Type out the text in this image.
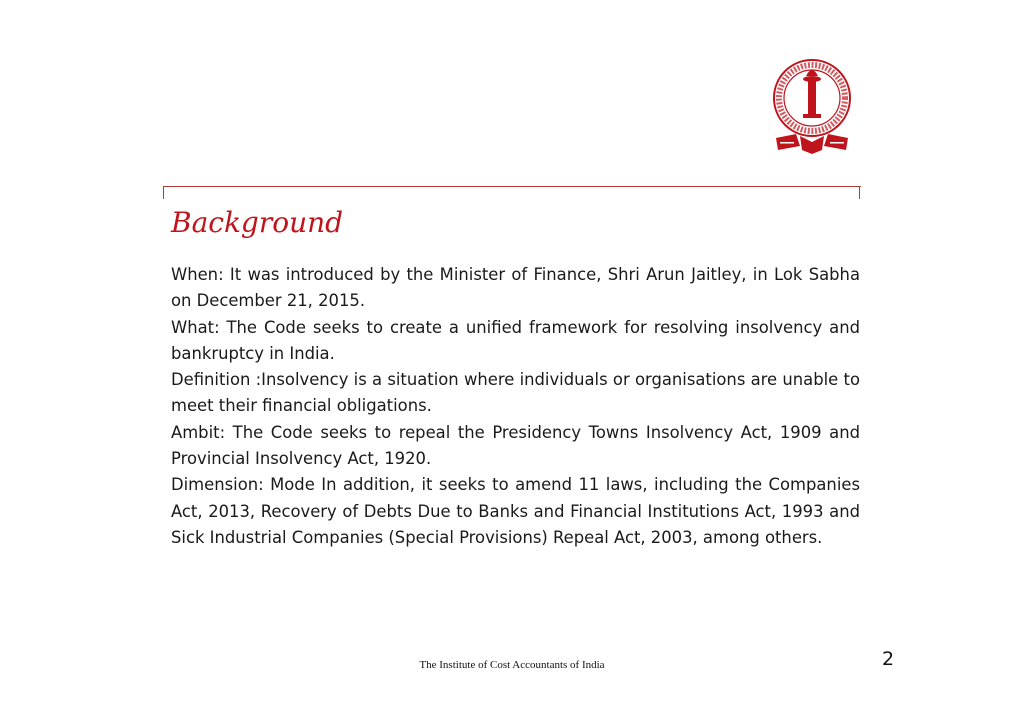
Background

When: It was introduced by the Minister of Finance, Shri Arun Jaitley, in Lok Sabha on December 21, 2015.

What: The Code seeks to create a unified framework for resolving insolvency and bankruptcy in India.

Definition :Insolvency is a situation where individuals or organisations are unable to meet their financial obligations.

Ambit: The Code seeks to repeal the Presidency Towns Insolvency Act, 1909 and Provincial Insolvency Act, 1920.

Dimension: Mode In addition, it seeks to amend 11 laws, including the Companies Act, 2013, Recovery of Debts Due to Banks and Financial Institutions Act, 1993 and Sick Industrial Companies (Special Provisions) Repeal Act, 2003, among others.

The Institute of Cost Accountants of India	2
